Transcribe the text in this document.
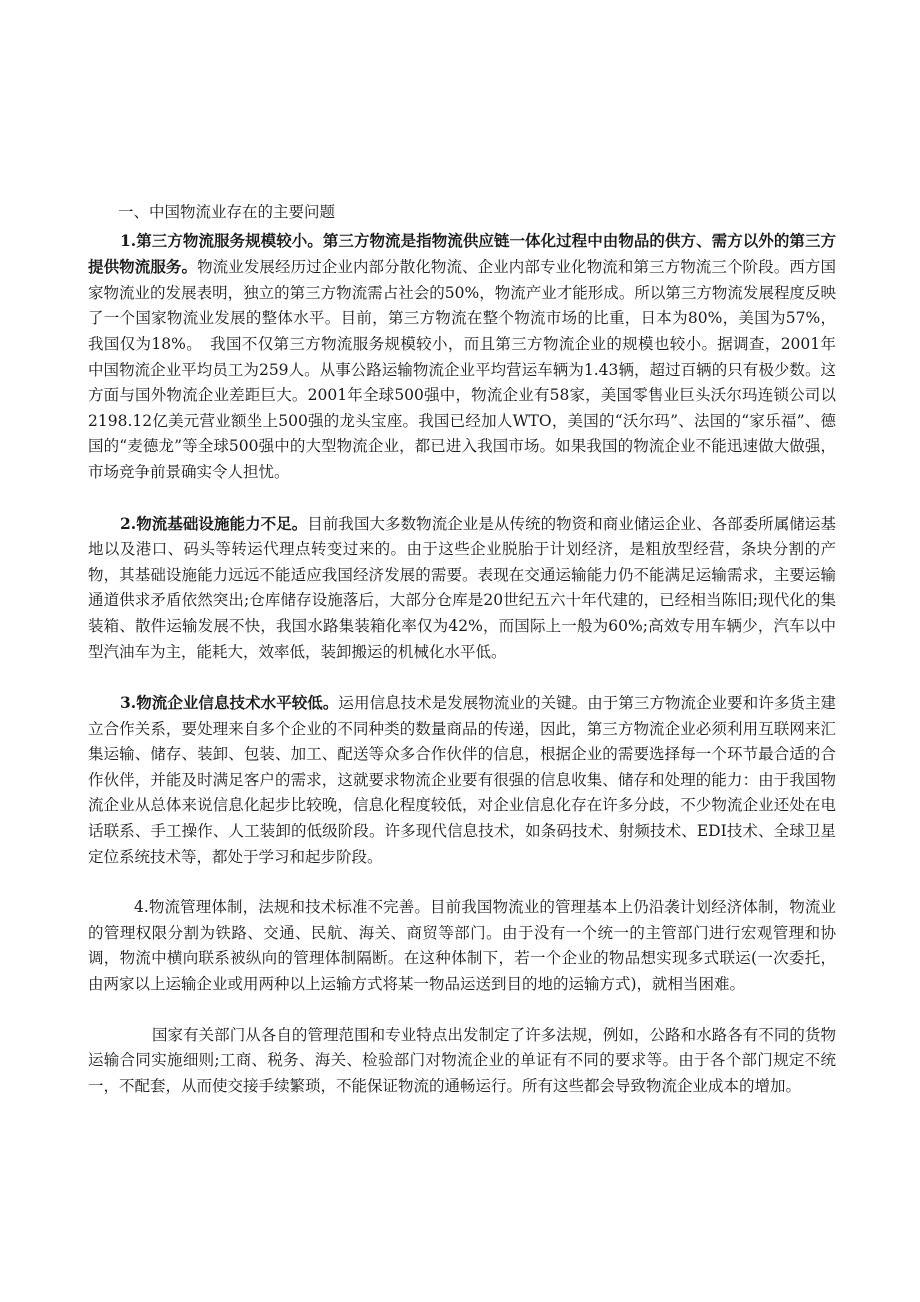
一、中国物流业存在的主要问题

1.第三方物流服务规模较小。第三方物流是指物流供应链一体化过程中由物品的供方、需方以外的第三方提供物流服务。物流业发展经历过企业内部分散化物流、企业内部专业化物流和第三方物流三个阶段。西方国家物流业的发展表明，独立的第三方物流需占社会的50%，物流产业才能形成。所以第三方物流发展程度反映了一个国家物流业发展的整体水平。目前，第三方物流在整个物流市场的比重，日本为80%，美国为57%，我国仅为18%。　我国不仅第三方物流服务规模较小，而且第三方物流企业的规模也较小。据调查，2001年中国物流企业平均员工为259人。从事公路运输物流企业平均营运车辆为1.43辆，超过百辆的只有极少数。这方面与国外物流企业差距巨大。2001年全球500强中，物流企业有58家，美国零售业巨头沃尔玛连锁公司以2198.12亿美元营业额坐上500强的龙头宝座。我国已经加人WTO，美国的“沃尔玛”、法国的“家乐福”、德国的“麦德龙”等全球500强中的大型物流企业，都已进入我国市场。如果我国的物流企业不能迅速做大做强，市场竞争前景确实令人担忧。

2.物流基础设施能力不足。目前我国大多数物流企业是从传统的物资和商业储运企业、各部委所属储运基地以及港口、码头等转运代理点转变过来的。由于这些企业脱胎于计划经济，是粗放型经营，条块分割的产物，其基础设施能力远远不能适应我国经济发展的需要。表现在交通运输能力仍不能满足运输需求，主要运输通道供求矛盾依然突出;仓库储存设施落后，大部分仓库是20世纪五六十年代建的，已经相当陈旧;现代化的集装箱、散件运输发展不快，我国水路集装箱化率仅为42%，而国际上一般为60%;高效专用车辆少，汽车以中型汽油车为主，能耗大，效率低，装卸搬运的机械化水平低。

3.物流企业信息技术水平较低。运用信息技术是发展物流业的关键。由于第三方物流企业要和许多货主建立合作关系，要处理来自多个企业的不同种类的数量商品的传递，因此，第三方物流企业必须利用互联网来汇集运输、储存、装卸、包装、加工、配送等众多合作伙伴的信息，根据企业的需要选择每一个环节最合适的合作伙伴，并能及时满足客户的需求，这就要求物流企业要有很强的信息收集、储存和处理的能力：由于我国物流企业从总体来说信息化起步比较晚，信息化程度较低，对企业信息化存在许多分歧，不少物流企业还处在电话联系、手工操作、人工装卸的低级阶段。许多现代信息技术，如条码技术、射频技术、EDI技术、全球卫星定位系统技术等，都处于学习和起步阶段。

4.物流管理体制，法规和技术标准不完善。目前我国物流业的管理基本上仍沿袭计划经济体制，物流业的管理权限分割为铁路、交通、民航、海关、商贸等部门。由于没有一个统一的主管部门进行宏观管理和协调，物流中横向联系被纵向的管理体制隔断。在这种体制下，若一个企业的物品想实现多式联运(一次委托，由两家以上运输企业或用两种以上运输方式将某一物品运送到目的地的运输方式)，就相当困难。

国家有关部门从各自的管理范围和专业特点出发制定了许多法规，例如，公路和水路各有不同的货物运输合同实施细则;工商、税务、海关、检验部门对物流企业的单证有不同的要求等。由于各个部门规定不统一，不配套，从而使交接手续繁琐，不能保证物流的通畅运行。所有这些都会导致物流企业成本的增加。
